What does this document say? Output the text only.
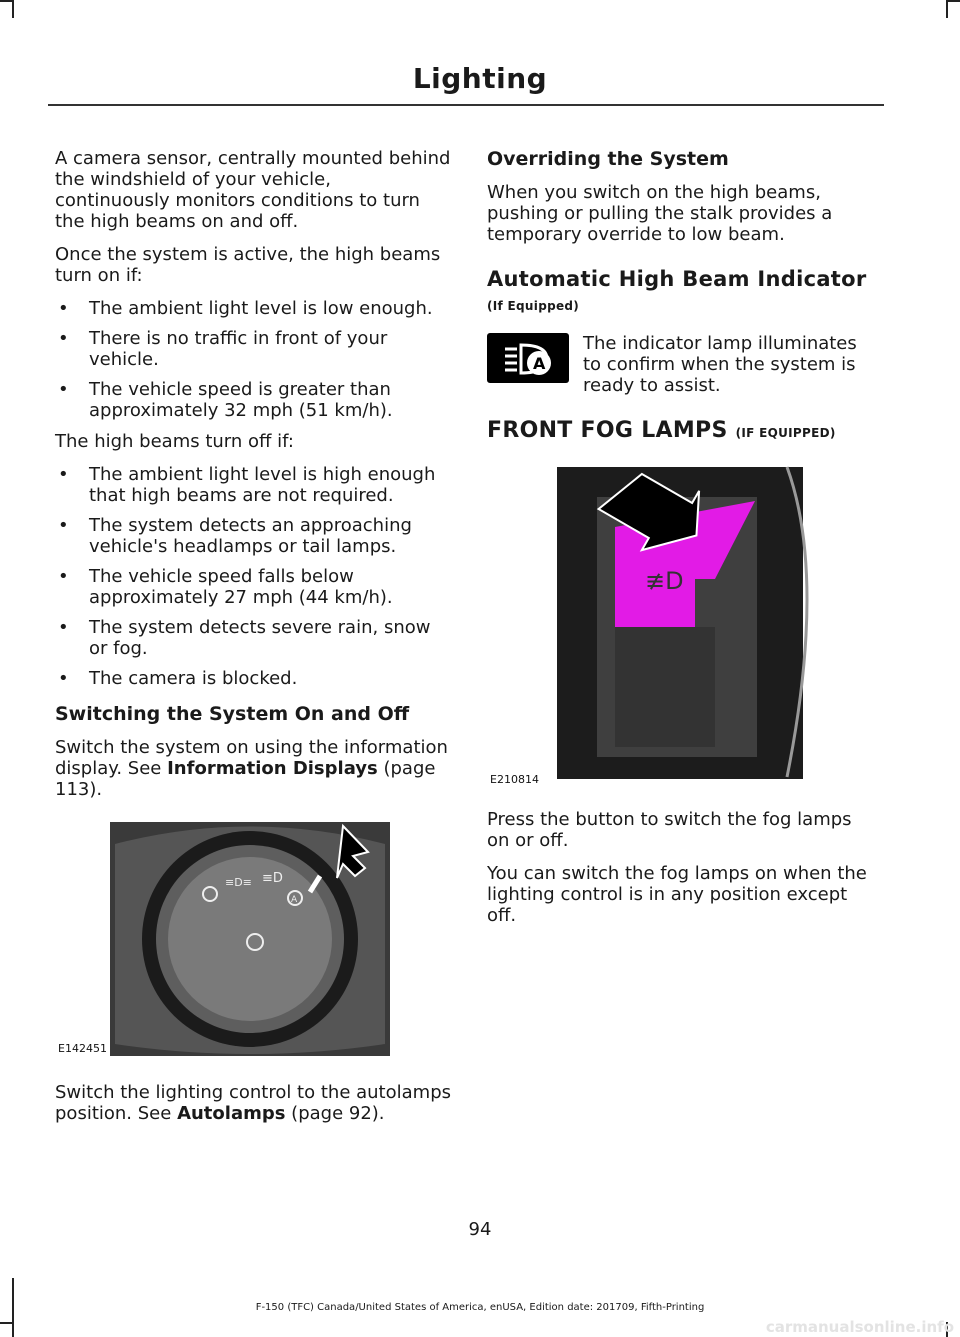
Lighting

A camera sensor, centrally mounted behind the windshield of your vehicle, continuously monitors conditions to turn the high beams on and off.

Once the system is active, the high beams turn on if:

• The ambient light level is low enough.
• There is no traffic in front of your vehicle.
• The vehicle speed is greater than approximately 32 mph (51 km/h).

The high beams turn off if:

• The ambient light level is high enough that high beams are not required.
• The system detects an approaching vehicle's headlamps or tail lamps.
• The vehicle speed falls below approximately 27 mph (44 km/h).
• The system detects severe rain, snow or fog.
• The camera is blocked.
Switching the System On and Off

Switch the system on using the information display. See Information Displays (page 113).

≡D≡ ≡D
A
E142451

Switch the lighting control to the autolamps position. See Autolamps (page 92).

Overriding the System

When you switch on the high beams, pushing or pulling the stalk provides a temporary override to low beam.

Automatic High Beam Indicator (If Equipped)
A

The indicator lamp illuminates to confirm when the system is ready to assist.

FRONT FOG LAMPS (IF EQUIPPED)
≢D
E210814

Press the button to switch the fog lamps on or off.

You can switch the fog lamps on when the lighting control is in any position except off.

94
F-150 (TFC) Canada/United States of America, enUSA, Edition date: 201709, Fifth-Printing
carmanualsonline.info
